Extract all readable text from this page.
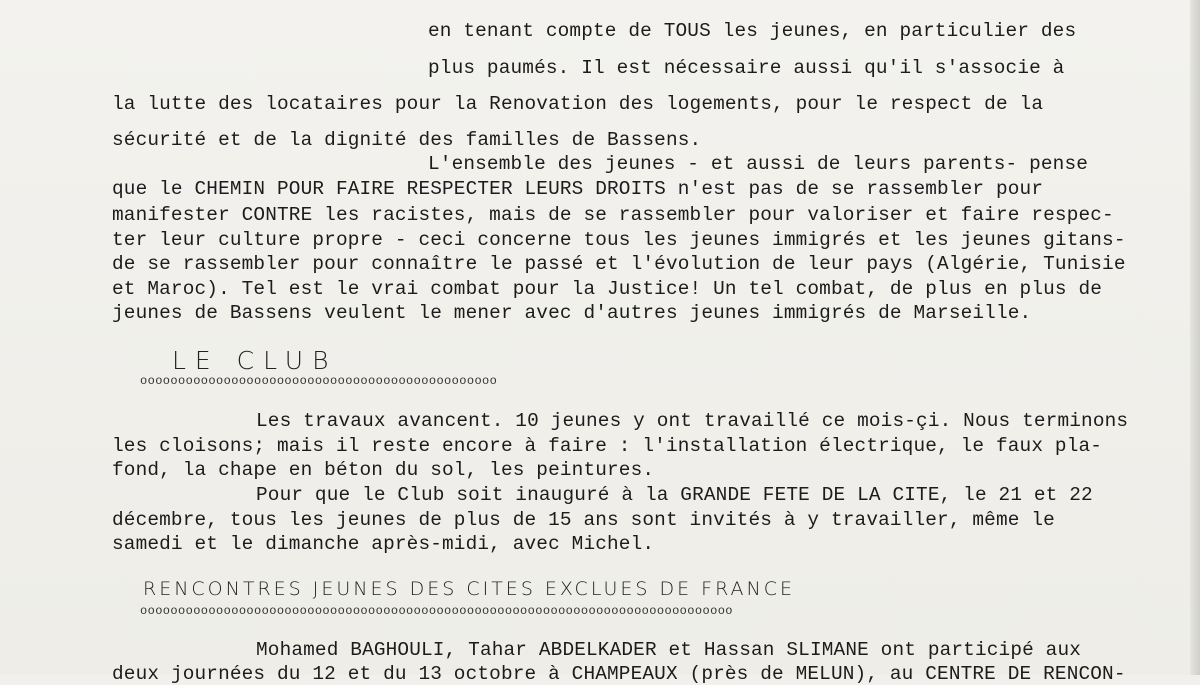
en tenant compte de TOUS les jeunes, en particulier des
plus paumés. Il est nécessaire aussi qu'il s'associe à
la lutte des locataires pour la Renovation des logements, pour le respect de la
sécurité et de la dignité des familles de Bassens.
L'ensemble des jeunes - et aussi de leurs parents- pense
que le CHEMIN POUR FAIRE RESPECTER LEURS DROITS n'est pas de se rassembler pour
manifester CONTRE les racistes, mais de se rassembler pour valoriser et faire respec-
ter leur culture propre - ceci concerne tous les jeunes immigrés et les jeunes gitans-
de se rassembler pour connaître le passé et l'évolution de leur pays (Algérie, Tunisie
et Maroc). Tel est le vrai combat pour la Justice! Un tel combat, de plus en plus de
jeunes de Bassens veulent le mener avec d'autres jeunes immigrés de Marseille.
LE CLUB
ooooooooooooooooooooooooooooooooooooooooooooooo
Les travaux avancent. 10 jeunes y ont travaillé ce mois-çi. Nous terminons
les cloisons; mais il reste encore à faire : l'installation électrique, le faux pla-
fond, la chape en béton du sol, les peintures.
Pour que le Club soit inauguré à la GRANDE FETE DE LA CITE, le 21 et 22
décembre, tous les jeunes de plus de 15 ans sont invités à y travailler, même le
samedi et le dimanche après-midi, avec Michel.
RENCONTRES JEUNES DES CITES EXCLUES DE FRANCE
oooooooooooooooooooooooooooooooooooooooooooooooooooooooooooooooooooooooooooooo
Mohamed BAGHOULI, Tahar ABDELKADER et Hassan SLIMANE ont participé aux
deux journées du 12 et du 13 octobre à CHAMPEAUX (près de MELUN), au CENTRE DE RENCON-
